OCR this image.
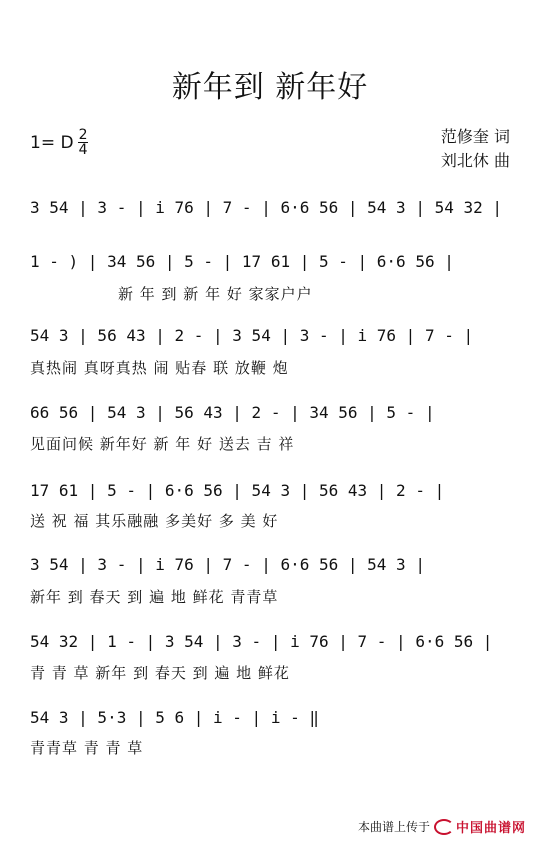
新年到 新年好
1= D $\frac{2}{4}$	范修奎 词
刘北休 曲
3 54 | 3 - | i 76 | 7 - | 6·6 56 | 54 3 | 54 32 |
1 - ) | 34 56 | 5 - | 17 61 | 5 - | 6·6 56 |
新 年 到 新 年 好 家家户户
54 3 | 56 43 | 2 - | 3 54 | 3 - | i 76 | 7 - |
真热闹 真呀真热 闹 贴春 联 放鞭 炮
66 56 | 54 3 | 56 43 | 2 - | 34 56 | 5 - |
见面问候 新年好 新 年 好 送去 吉 祥
17 61 | 5 - | 6·6 56 | 54 3 | 56 43 | 2 - |
送 祝 福 其乐融融 多美好 多 美 好
3 54 | 3 - | i 76 | 7 - | 6·6 56 | 54 3 |
新年 到 春天 到 遍 地 鲜花 青青草
54 32 | 1 - | 3 54 | 3 - | i 76 | 7 - | 6·6 56 |
青 青 草 新年 到 春天 到 遍 地 鲜花
54 3 | 5·3 | 5 6 | i - | i - ‖
青青草 青 青 草
本曲谱上传于 中国曲谱网
